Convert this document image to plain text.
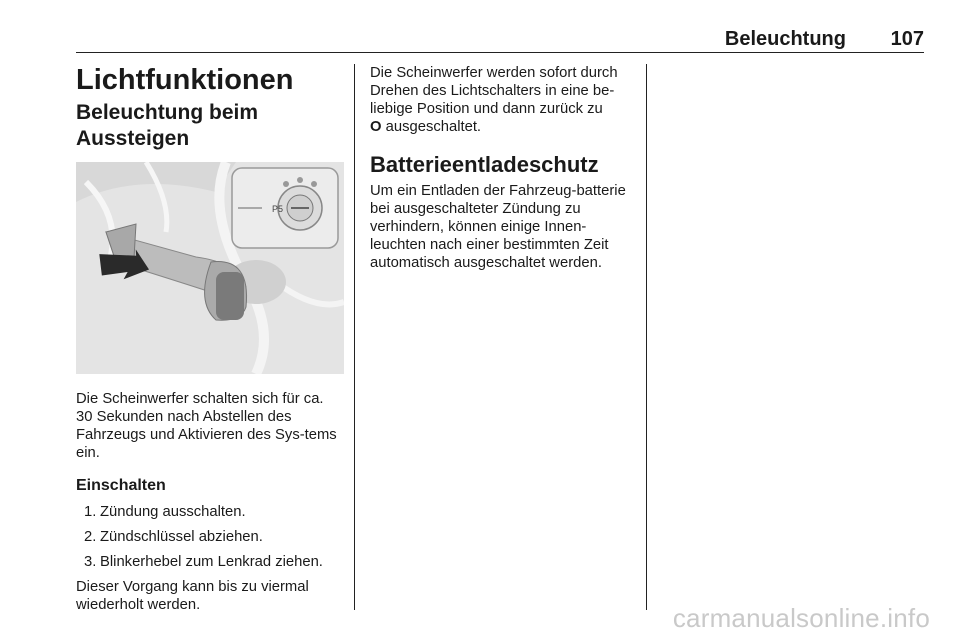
Beleuchtung 107
Lichtfunktionen
Beleuchtung beim Aussteigen
P5

Die Scheinwerfer schalten sich für ca. 30 Sekunden nach Abstellen des Fahrzeugs und Aktivieren des Sys-tems ein.

Einschalten
1. Zündung ausschalten.
2. Zündschlüssel abziehen.
3. Blinkerhebel zum Lenkrad ziehen.

Dieser Vorgang kann bis zu viermal wiederholt werden.

Die Scheinwerfer werden sofort durch Drehen des Lichtschalters in eine be-liebige Position und dann zurück zu
O ausgeschaltet.

Batterieentladeschutz

Um ein Entladen der Fahrzeug-batterie bei ausgeschalteter Zündung zu verhindern, können einige Innen-leuchten nach einer bestimmten Zeit automatisch ausgeschaltet werden.

carmanualsonline.info
